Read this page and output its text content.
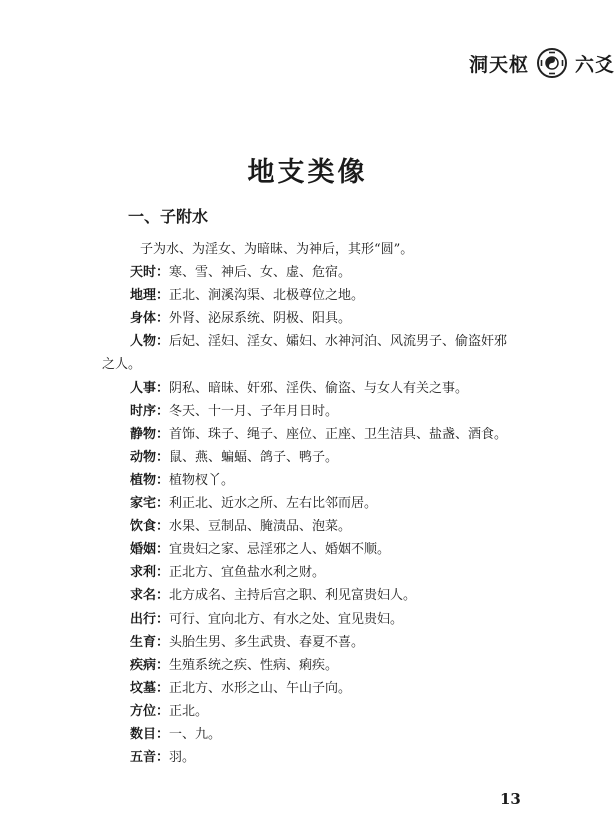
洞天枢 六爻
地支类像
一、子附水
子为水、为淫女、为暗昧、为神后，其形“圆”。
天时：寒、雪、神后、女、虚、危宿。
地理：正北、涧溪沟渠、北极尊位之地。
身体：外肾、泌尿系统、阴极、阳具。
人物：后妃、淫妇、淫女、孀妇、水神河泊、风流男子、偷盗奸邪
之人。
人事：阴私、暗昧、奸邪、淫佚、偷盗、与女人有关之事。
时序：冬天、十一月、子年月日时。
静物：首饰、珠子、绳子、座位、正座、卫生洁具、盐盏、酒食。
动物：鼠、燕、蝙蝠、鸽子、鸭子。
植物：植物杈丫。
家宅：利正北、近水之所、左右比邻而居。
饮食：水果、豆制品、腌渍品、泡菜。
婚姻：宜贵妇之家、忌淫邪之人、婚姻不顺。
求利：正北方、宜鱼盐水利之财。
求名：北方成名、主持后宫之职、利见富贵妇人。
出行：可行、宜向北方、有水之处、宜见贵妇。
生育：头胎生男、多生武贵、春夏不喜。
疾病：生殖系统之疾、性病、痢疾。
坟墓：正北方、水形之山、午山子向。
方位：正北。
数目：一、九。
五音：羽。
13
